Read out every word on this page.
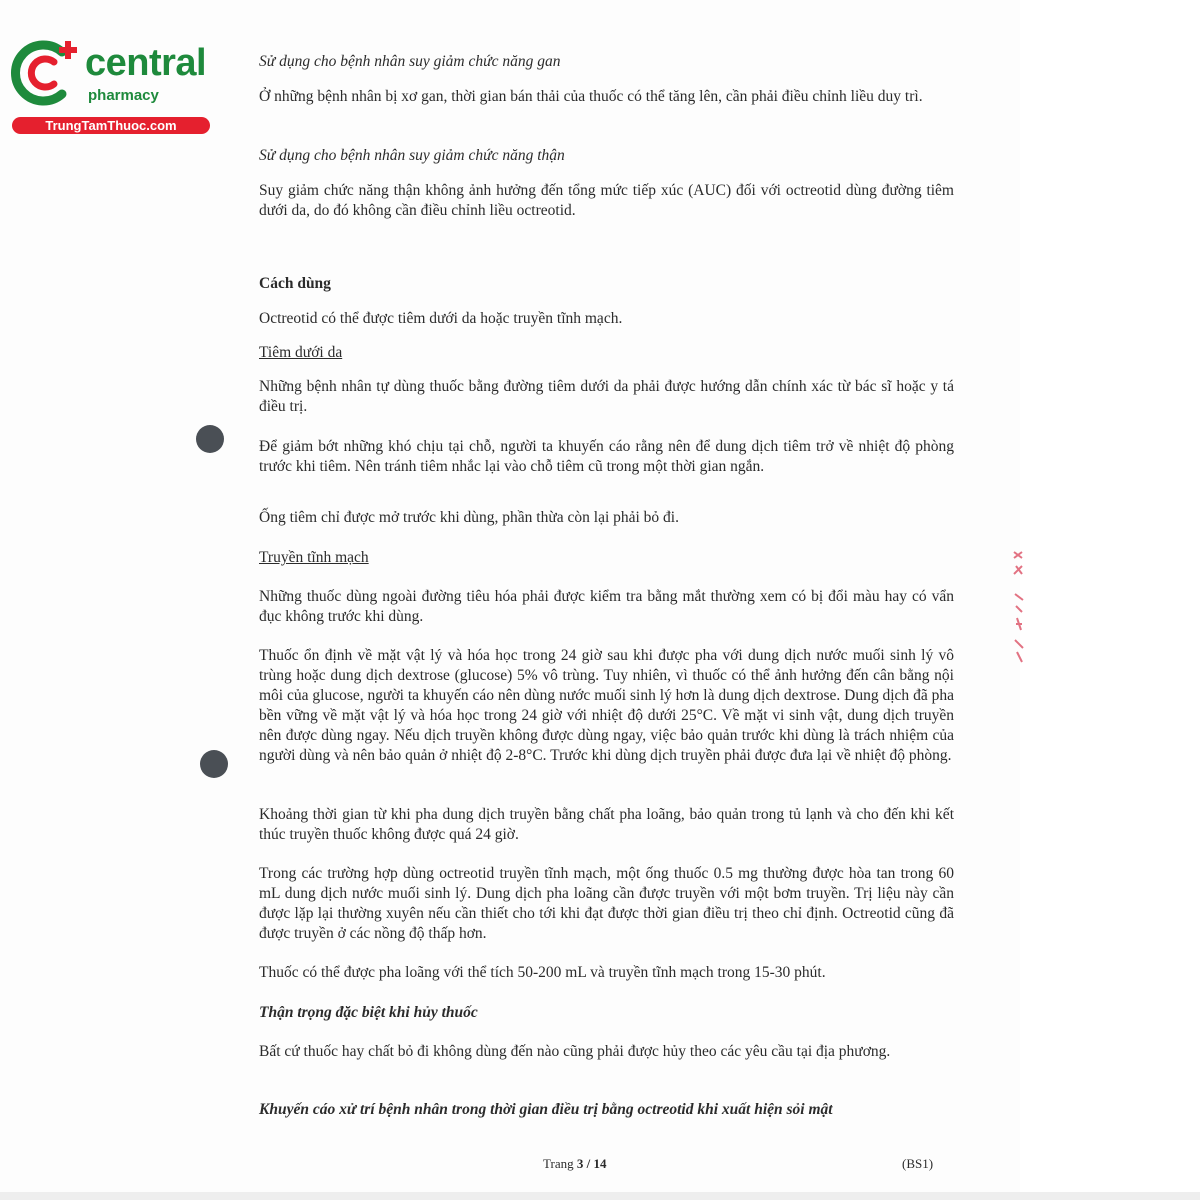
central
pharmacy
TrungTamThuoc.com

Sử dụng cho bệnh nhân suy giảm chức năng gan

Ở những bệnh nhân bị xơ gan, thời gian bán thải của thuốc có thể tăng lên, cần phải điều chỉnh liều duy trì.

Sử dụng cho bệnh nhân suy giảm chức năng thận

Suy giảm chức năng thận không ảnh hưởng đến tổng mức tiếp xúc (AUC) đối với octreotid dùng đường tiêm dưới da, do đó không cần điều chỉnh liều octreotid.

Cách dùng

Octreotid có thể được tiêm dưới da hoặc truyền tĩnh mạch.

Tiêm dưới da

Những bệnh nhân tự dùng thuốc bằng đường tiêm dưới da phải được hướng dẫn chính xác từ bác sĩ hoặc y tá điều trị.

Để giảm bớt những khó chịu tại chỗ, người ta khuyến cáo rằng nên để dung dịch tiêm trở về nhiệt độ phòng trước khi tiêm. Nên tránh tiêm nhắc lại vào chỗ tiêm cũ trong một thời gian ngắn.

Ống tiêm chỉ được mở trước khi dùng, phần thừa còn lại phải bỏ đi.

Truyền tĩnh mạch

Những thuốc dùng ngoài đường tiêu hóa phải được kiểm tra bằng mắt thường xem có bị đổi màu hay có vẩn đục không trước khi dùng.

Thuốc ổn định về mặt vật lý và hóa học trong 24 giờ sau khi được pha với dung dịch nước muối sinh lý vô trùng hoặc dung dịch dextrose (glucose) 5% vô trùng. Tuy nhiên, vì thuốc có thể ảnh hưởng đến cân bằng nội môi của glucose, người ta khuyến cáo nên dùng nước muối sinh lý hơn là dung dịch dextrose. Dung dịch đã pha bền vững về mặt vật lý và hóa học trong 24 giờ với nhiệt độ dưới 25°C. Về mặt vi sinh vật, dung dịch truyền nên được dùng ngay. Nếu dịch truyền không được dùng ngay, việc bảo quản trước khi dùng là trách nhiệm của người dùng và nên bảo quản ở nhiệt độ 2-8°C. Trước khi dùng dịch truyền phải được đưa lại về nhiệt độ phòng.

Khoảng thời gian từ khi pha dung dịch truyền bằng chất pha loãng, bảo quản trong tủ lạnh và cho đến khi kết thúc truyền thuốc không được quá 24 giờ.

Trong các trường hợp dùng octreotid truyền tĩnh mạch, một ống thuốc 0.5 mg thường được hòa tan trong 60 mL dung dịch nước muối sinh lý. Dung dịch pha loãng cần được truyền với một bơm truyền. Trị liệu này cần được lặp lại thường xuyên nếu cần thiết cho tới khi đạt được thời gian điều trị theo chỉ định. Octreotid cũng đã được truyền ở các nồng độ thấp hơn.

Thuốc có thể được pha loãng với thể tích 50-200 mL và truyền tĩnh mạch trong 15-30 phút.

Thận trọng đặc biệt khi hủy thuốc

Bất cứ thuốc hay chất bỏ đi không dùng đến nào cũng phải được hủy theo các yêu cầu tại địa phương.

Khuyến cáo xử trí bệnh nhân trong thời gian điều trị bằng octreotid khi xuất hiện sỏi mật

Trang 3 / 14	(BS1)
